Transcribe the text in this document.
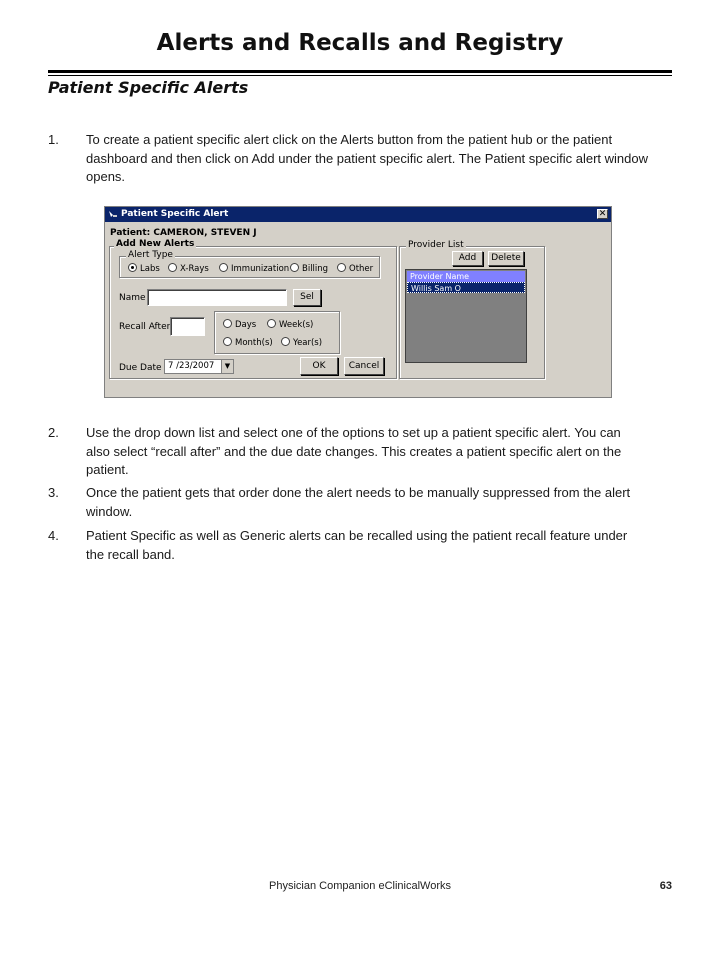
Alerts and Recalls and Registry
Patient Specific Alerts
1. To create a patient specific alert click on the Alerts button from the patient hub or the patient dashboard and then click on Add under the patient specific alert. The Patient specific alert window opens.
Patient Specific Alert	✕
Patient: CAMERON, STEVEN J
Add New Alerts
Alert Type
Labs	X-Rays	Immunization	Billing	Other
Name	Sel
Recall After	Days	Week(s)
Month(s)	Year(s)
Due Date 7 /23/2007	▼	OK	Cancel
Provider List
Add	Delete
Provider Name
Willis Sam O
2. Use the drop down list and select one of the options to set up a patient specific alert. You can also select “recall after” and the due date changes. This creates a patient specific alert on the patient.
3. Once the patient gets that order done the alert needs to be manually suppressed from the alert window.
4. Patient Specific as well as Generic alerts can be recalled using the patient recall feature under the recall band.
Physician Companion eClinicalWorks	63
